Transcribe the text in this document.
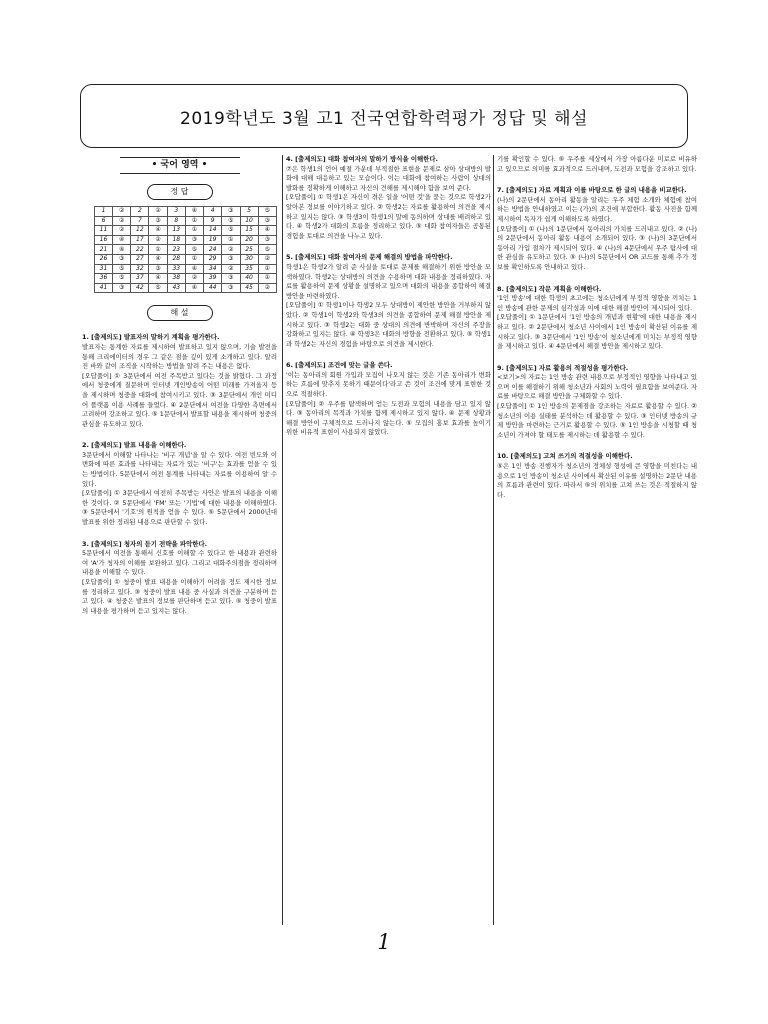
2019학년도 3월 고1 전국연합학력평가 정답 및 해설
• 국어 영역 •
정 답
1	②	2	②	3	④	4	③	5	⑤
6	②	7	③	8	①	9	⑤	10	③
11	②	12	④	13	①	14	⑤	15	④
16	④	17	②	18	③	19	①	20	③
21	④	22	①	23	⑤	24	②	25	⑤
26	③	27	④	28	①	29	③	30	②
31	⑤	32	③	33	④	34	②	35	①
36	⑤	37	④	38	②	39	③	40	①
41	③	42	⑤	43	④	44	③	45	②
해 설

1. [출제의도] 발표자의 말하기 계획을 평가한다.

발표자는 통계한 자료를 제시하여 발표하고 있지 않으며, 기술 발전을 통해 크리에이터의 경우 그 같은 점을 깊이 있게 소개하고 있다. 알려진 바와 같이 조직을 시작하는 방법을 알려 주는 내용은 없다.

[오답풀이] ① 3문단에서 여전 주목받고 있다는 것을 밝혔다. 그 과정에서 청중에게 질문하며 인터넷 개인방송이 어떤 미래를 가져올지 등을 제시하며 청중을 대화에 참여시키고 있다. ③ 3문단에서 개인 미디어 플랫폼 이용 사례를 들었다. ④ 2문단에서 여전을 다양한 측면에서 고려하며 강조하고 있다. ⑤ 1문단에서 발표할 내용을 제시하며 청중의 관심을 유도하고 있다.

2. [출제의도] 발표 내용을 이해한다.

3문단에서 이해할 나타나는 '비구 개념'을 알 수 있다. 여전 빈도와 이 변화에 따른 효과를 나타내는 자료가 있는 '비구'는 효과를 얻을 수 있는 방법이다. 5문단에서 여전 통계를 나타내는 자료를 이용하여 알 수 있다.

[오답풀이] ① 3문단에서 여전히 주목받는 사안은 발표의 내용을 이해한 것이다. ② 5문단에서 'FM' 또는 '기법'에 대한 내용을 이해하였다. ③ 5문단에서 '기호'의 원칙을 얻을 수 있다. ⑤ 5문단에서 2000년대 발표를 위한 정리된 내용으로 판단할 수 있다.

3. [출제의도] 청자의 듣기 전략을 파악한다.

5문단에서 여전을 통해서 신호를 이해할 수 있다고 한 내용과 관련하여 'A'가 청자의 이해를 보완하고 있다. 그리고 대화주의점을 정리하며 내용을 이해할 수 있다.

[오답풀이] ① 청중이 발표 내용을 이해하기 어려울 정도 제시한 정보를 정리하고 있다. ③ 청중이 발표 내용 중 사실과 의견을 구분하며 듣고 있다. ④ 청중은 발표의 정보를 판단하며 듣고 있다. ⑤ 청중이 발표의 내용을 평가하며 듣고 있지는 않다.

4. [출제의도] 대화 참여자의 말하기 방식을 이해한다.

⑦은 학생1의 언어 예절 가운데 부적절한 표현을 문제로 삼아 상대방의 발화에 대해 대응하고 있는 모습이다. 이는 대화에 참여하는 사람이 상대의 발화를 정확하게 이해하고 자신의 견해를 제시해야 함을 보여 준다.

[오답풀이] ① 학생1은 자신이 겪은 일을 '어떤 것'을 묻는 것으로 학생2가 알아본 정보를 이야기하고 있다. ② 학생2는 자료를 활용하여 의견을 제시하고 있지는 않다. ③ 학생3이 학생1의 말에 동의하며 상대를 배려하고 있다. ④ 학생2가 대화의 흐름을 정리하고 있다. ⑤ 대화 참여자들은 공통된 경험을 토대로 의견을 나누고 있다.

5. [출제의도] 대화 참여자의 문제 해결의 방법을 파악한다.

학생1은 학생2가 알려 준 사실을 토대로 문제를 해결하기 위한 방안을 모색하였다. 학생2는 상대방의 의견을 수용하며 대화 내용을 정리하였다. 자료를 활용하여 문제 상황을 설명하고 있으며 대화의 내용을 종합하여 해결 방안을 마련하였다.

[오답풀이] ① 학생1이나 학생2 모두 상대방이 제안한 방안을 거부하지 않았다. ② 학생1이 학생2와 학생3의 의견을 종합하여 문제 해결 방안을 제시하고 있다. ③ 학생2는 대화 중 상대의 의견에 반박하며 자신의 주장을 강화하고 있지는 않다. ④ 학생3은 대화의 방향을 전환하고 있다. ⑤ 학생1과 학생2는 자신의 경험을 바탕으로 의견을 제시한다.

6. [출제의도] 조건에 맞는 글을 쓴다.

'이는 동아리의 회원 가입과 모집이 나오지 않는 것은 기존 동아리가 변화하는 흐름에 맞추지 못하기 때문이다'라고 쓴 것이 조건에 맞게 표현한 것으로 적절하다.

[오답풀이] ② 우주를 탐색하며 얻는 도전과 모험의 내용을 담고 있지 않다. ③ 동아리의 목적과 가치를 함께 제시하고 있지 않다. ④ 문제 상황과 해결 방안이 구체적으로 드러나지 않는다. ⑤ 모집의 홍보 효과를 높이기 위한 비유적 표현이 사용되지 않았다.

기를 확인할 수 있다. ⑤ 우주를 세상에서 가장 아름다운 미로로 비유하고 있으므로 의미를 효과적으로 드러내며, 도전과 모험을 강조하고 있다.

7. [출제의도] 자료 계획과 이를 바탕으로 한 글의 내용을 비교한다.

(나)의 2문단에서 동아리 활동을 알리는 우주 체험 소개와 체험에 참여하는 방법을 안내하였고 이는 (가)의 조건에 부합한다. 활동 사진을 함께 제시하여 독자가 쉽게 이해하도록 하였다.

[오답풀이] ① (나)의 1문단에서 동아리의 가치를 드러내고 있다. ② (나)의 2문단에서 동아리 활동 내용이 소개되어 있다. ③ (나)의 3문단에서 동아리 가입 절차가 제시되어 있다. ④ (나)의 4문단에서 우주 탐사에 대한 관심을 유도하고 있다. ⑤ (나)의 5문단에서 OR 코드를 통해 추가 정보를 확인하도록 안내하고 있다.

8. [출제의도] 작문 계획을 이해한다.

'1인 방송'에 대한 학생의 초고에는 청소년에게 부정적 영향을 끼치는 1인 방송에 관한 문제의 심각성과 이에 대한 해결 방안이 제시되어 있다.

[오답풀이] ① 1문단에서 '1인 방송의 개념과 현황'에 대한 내용을 제시하고 있다. ② 2문단에서 청소년 사이에서 1인 방송이 확산된 이유를 제시하고 있다. ③ 3문단에서 '1인 방송'이 청소년에게 미치는 부정적 영향을 제시하고 있다. ④ 4문단에서 해결 방안을 제시하고 있다.

9. [출제의도] 자료 활용의 적절성을 평가한다.

<보기>의 자료는 1인 방송 관련 내용으로 부정적인 영향을 나타내고 있으며 이를 해결하기 위해 청소년과 사회의 노력이 필요함을 보여준다. 자료를 바탕으로 해결 방안을 구체화할 수 있다.

[오답풀이] ① 1인 방송의 문제점을 강조하는 자료로 활용할 수 있다. ② 청소년의 이용 실태를 분석하는 데 활용할 수 있다. ③ 인터넷 방송의 규제 방안을 마련하는 근거로 활용할 수 있다. ⑤ 1인 방송을 시청할 때 청소년이 가져야 할 태도를 제시하는 데 활용할 수 있다.

10. [출제의도] 고쳐 쓰기의 적절성을 이해한다.

⑤은 1인 방송 진행자가 청소년의 정체성 형성에 큰 영향을 미친다는 내용으로 1인 방송이 청소년 사이에서 확산된 이유를 설명하는 2문단 내용의 흐름과 관련이 있다. 따라서 ⑤의 위치를 고쳐 쓰는 것은 적절하지 않다.

1
